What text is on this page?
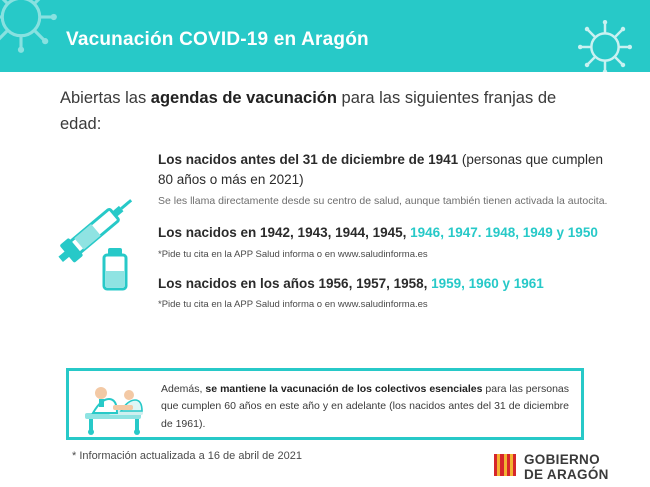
Vacunación COVID-19 en Aragón
Abiertas las agendas de vacunación para las siguientes franjas de edad:
Los nacidos antes del 31 de diciembre de 1941 (personas que cumplen 80 años o más en 2021)
Se les llama directamente desde su centro de salud, aunque también tienen activada la autocita.
Los nacidos en 1942, 1943, 1944, 1945, 1946, 1947. 1948, 1949 y 1950
*Pide tu cita en la APP Salud informa o en www.saludinforma.es
Los nacidos en los años 1956, 1957, 1958, 1959, 1960 y 1961
*Pide tu cita en la APP Salud informa o en www.saludinforma.es
Además, se mantiene la vacunación de los colectivos esenciales para las personas que cumplen 60 años en este año y en adelante (los nacidos antes del 31 de diciembre de 1961).
* Información actualizada a 16 de abril de 2021	GOBIERNO
DE ARAGÓN
